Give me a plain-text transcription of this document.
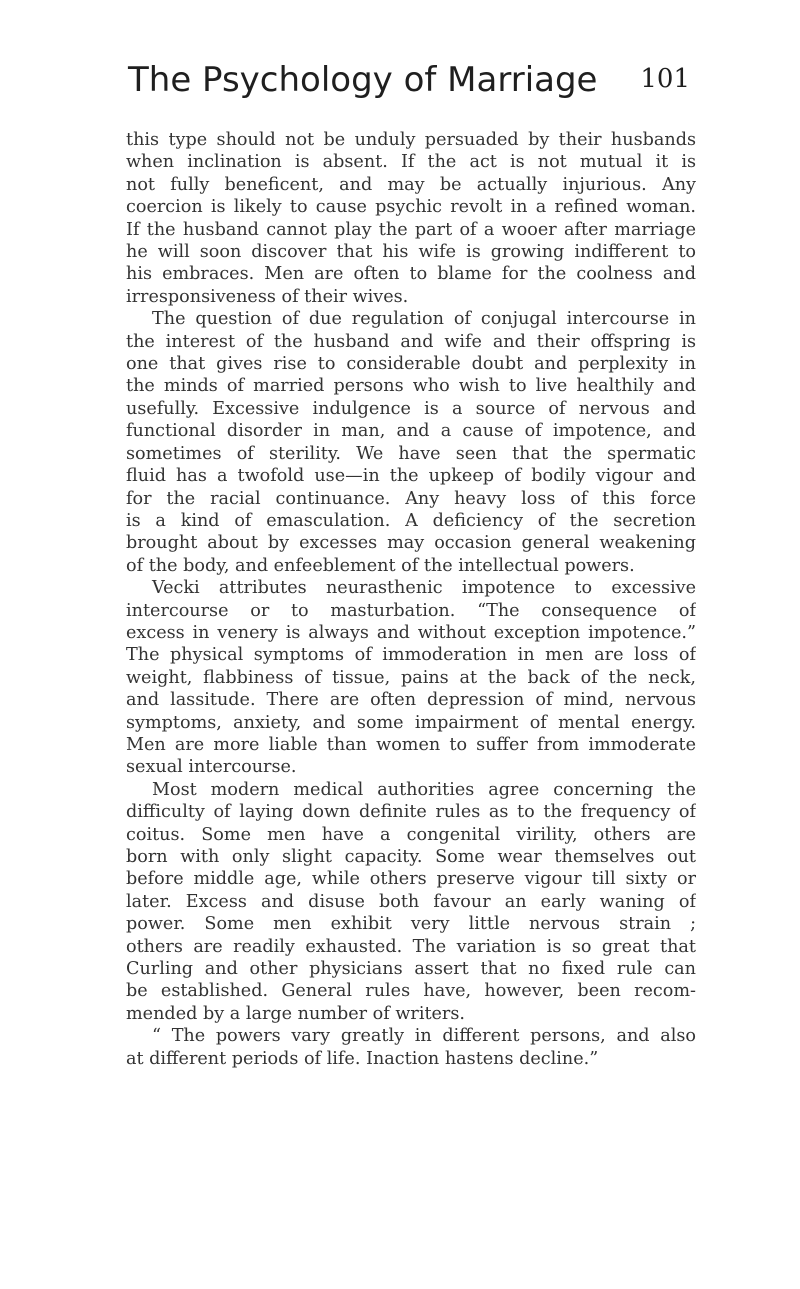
The Psychology of Marriage 101
this type should not be unduly persuaded by their husbands
when inclination is absent. If the act is not mutual it is
not fully beneficent, and may be actually injurious. Any
coercion is likely to cause psychic revolt in a refined woman.
If the husband cannot play the part of a wooer after marriage
he will soon discover that his wife is growing indifferent to
his embraces. Men are often to blame for the coolness and
irresponsiveness of their wives.
The question of due regulation of conjugal intercourse in
the interest of the husband and wife and their offspring is
one that gives rise to considerable doubt and perplexity in
the minds of married persons who wish to live healthily and
usefully. Excessive indulgence is a source of nervous and
functional disorder in man, and a cause of impotence, and
sometimes of sterility. We have seen that the spermatic
fluid has a twofold use—in the upkeep of bodily vigour and
for the racial continuance. Any heavy loss of this force
is a kind of emasculation. A deficiency of the secretion
brought about by excesses may occasion general weakening
of the body, and enfeeblement of the intellectual powers.
Vecki attributes neurasthenic impotence to excessive
intercourse or to masturbation. “The consequence of
excess in venery is always and without exception impotence.”
The physical symptoms of immoderation in men are loss of
weight, flabbiness of tissue, pains at the back of the neck,
and lassitude. There are often depression of mind, nervous
symptoms, anxiety, and some impairment of mental energy.
Men are more liable than women to suffer from immoderate
sexual intercourse.
Most modern medical authorities agree concerning the
difficulty of laying down definite rules as to the frequency of
coitus. Some men have a congenital virility, others are
born with only slight capacity. Some wear themselves out
before middle age, while others preserve vigour till sixty or
later. Excess and disuse both favour an early waning of
power. Some men exhibit very little nervous strain ;
others are readily exhausted. The variation is so great that
Curling and other physicians assert that no fixed rule can
be established. General rules have, however, been recom-
mended by a large number of writers.
“ The powers vary greatly in different persons, and also
at different periods of life. Inaction hastens decline.”
